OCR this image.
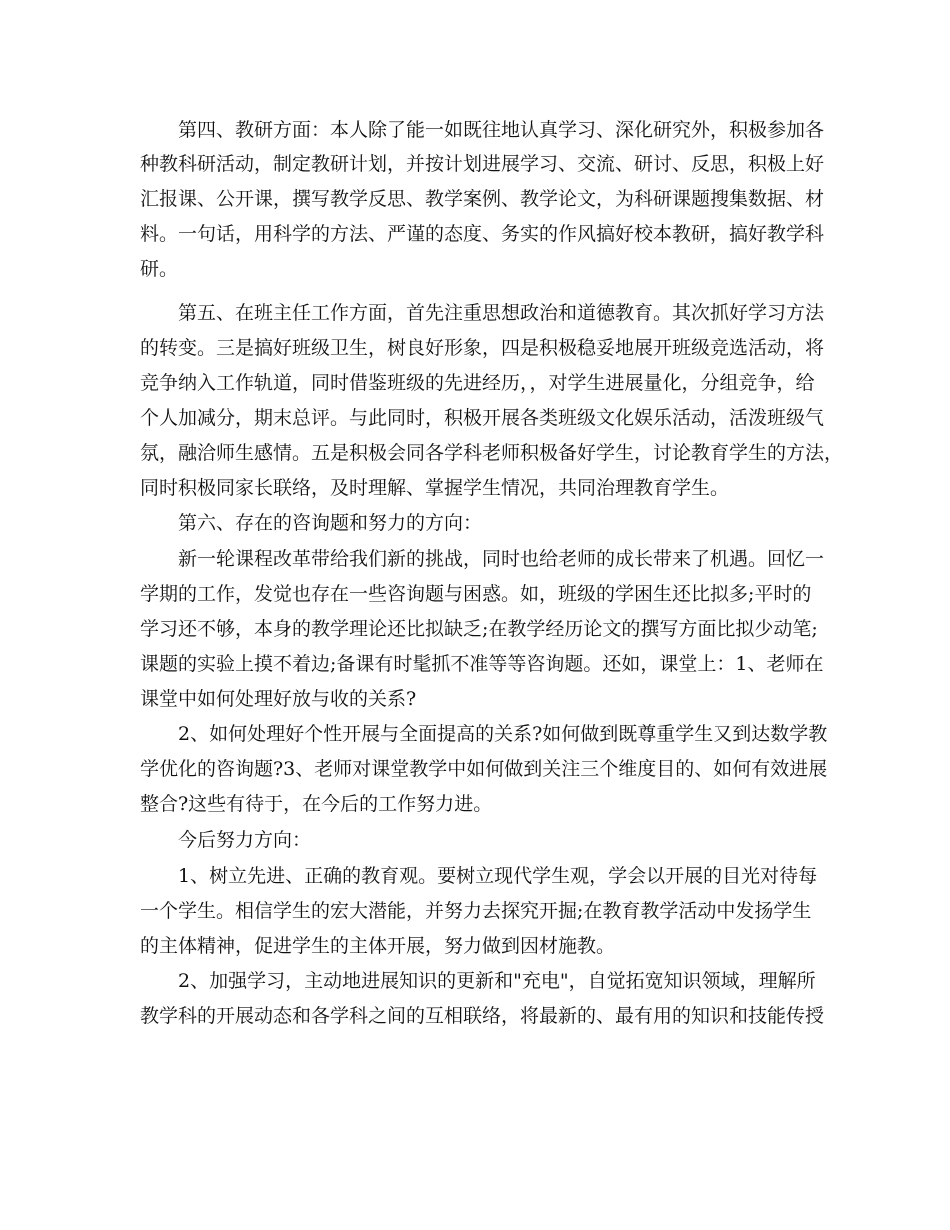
第四、教研方面：本人除了能一如既往地认真学习、深化研究外，积极参加各
种教科研活动，制定教研计划，并按计划进展学习、交流、研讨、反思，积极上好
汇报课、公开课，撰写教学反思、教学案例、教学论文，为科研课题搜集数据、材
料。一句话，用科学的方法、严谨的态度、务实的作风搞好校本教研，搞好教学科
研。
第五、在班主任工作方面，首先注重思想政治和道德教育。其次抓好学习方法
的转变。三是搞好班级卫生，树良好形象，四是积极稳妥地展开班级竞选活动，将
竞争纳入工作轨道，同时借鉴班级的先进经历，，对学生进展量化，分组竞争，给
个人加减分，期末总评。与此同时，积极开展各类班级文化娱乐活动，活泼班级气
氛，融洽师生感情。五是积极会同各学科老师积极备好学生，讨论教育学生的方法，
同时积极同家长联络，及时理解、掌握学生情况，共同治理教育学生。
第六、存在的咨询题和努力的方向：
新一轮课程改革带给我们新的挑战，同时也给老师的成长带来了机遇。回忆一
学期的工作，发觉也存在一些咨询题与困惑。如，班级的学困生还比拟多;平时的
学习还不够，本身的教学理论还比拟缺乏;在教学经历论文的撰写方面比拟少动笔;
课题的实验上摸不着边;备课有时髦抓不准等等咨询题。还如，课堂上：1、老师在
课堂中如何处理好放与收的关系?
2、如何处理好个性开展与全面提高的关系?如何做到既尊重学生又到达数学教
学优化的咨询题?3、老师对课堂教学中如何做到关注三个维度目的、如何有效进展
整合?这些有待于，在今后的工作努力进。
今后努力方向：
1、树立先进、正确的教育观。要树立现代学生观，学会以开展的目光对待每
一个学生。相信学生的宏大潜能，并努力去探究开掘;在教育教学活动中发扬学生
的主体精神，促进学生的主体开展，努力做到因材施教。
2、加强学习，主动地进展知识的更新和"充电"，自觉拓宽知识领域，理解所
教学科的开展动态和各学科之间的互相联络，将最新的、最有用的知识和技能传授
